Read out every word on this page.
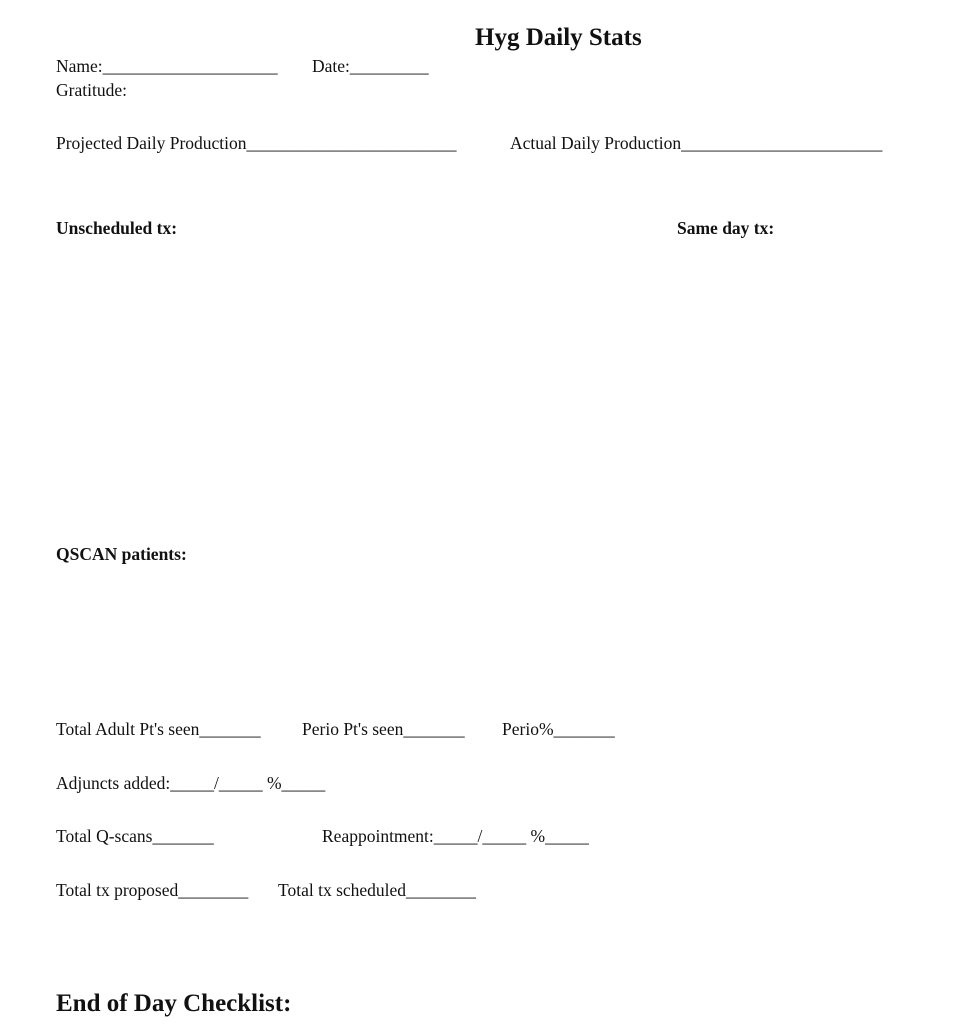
Hyg Daily Stats
Name:____________________ Date:_________
Gratitude:
Projected Daily Production________________________	Actual Daily Production_______________________
Unscheduled tx:	Same day tx:
QSCAN patients:
Total Adult Pt's seen_______ Perio Pt's seen_______ Perio%_______
Adjuncts added:_____/_____ %_____
Total Q-scans_______	Reappointment:_____/_____ %_____
Total tx proposed________ Total tx scheduled________
End of Day Checklist:
